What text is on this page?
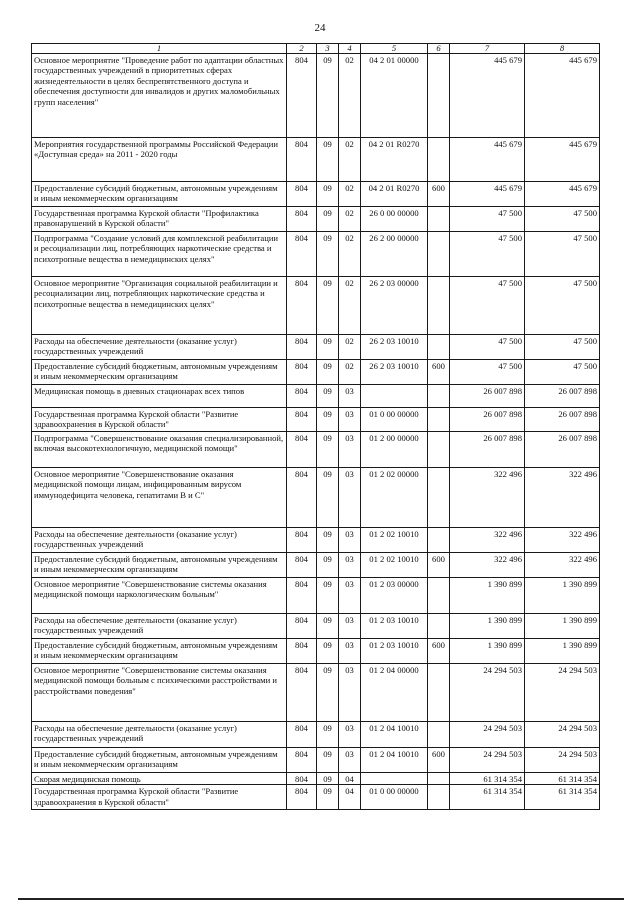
24
1	2	3	4	5	6	7	8
Основное мероприятие "Проведение работ по адаптации областных государственных учреждений в приоритетных сферах жизнедеятельности в целях беспрепятственного доступа и обеспечения доступности для инвалидов и других маломобильных групп населения"	804	09	02	04 2 01 00000		445 679	445 679
Мероприятия государственной программы Российской Федерации «Доступная среда» на 2011 - 2020 годы	804	09	02	04 2 01 R0270		445 679	445 679
Предоставление субсидий бюджетным, автономным учреждениям и иным некоммерческим организациям	804	09	02	04 2 01 R0270	600	445 679	445 679
Государственная программа Курской области "Профилактика правонарушений в Курской области"	804	09	02	26 0 00 00000		47 500	47 500
Подпрограмма "Создание условий для комплексной реабилитации и ресоциализации лиц, потребляющих наркотические средства и психотропные вещества в немедицинских целях"	804	09	02	26 2 00 00000		47 500	47 500
Основное мероприятие "Организация социальной реабилитации и ресоциализации лиц, потребляющих наркотические средства и психотропные вещества в немедицинских целях"	804	09	02	26 2 03 00000		47 500	47 500
Расходы на обеспечение деятельности (оказание услуг) государственных учреждений	804	09	02	26 2 03 10010		47 500	47 500
Предоставление субсидий бюджетным, автономным учреждениям и иным некоммерческим организациям	804	09	02	26 2 03 10010	600	47 500	47 500
Медицинская помощь в дневных стационарах всех типов	804	09	03			26 007 898	26 007 898
Государственная программа Курской области "Развитие здравоохранения в Курской области"	804	09	03	01 0 00 00000		26 007 898	26 007 898
Подпрограмма "Совершенствование оказания специализированной, включая высокотехнологичную, медицинской помощи"	804	09	03	01 2 00 00000		26 007 898	26 007 898
Основное мероприятие "Совершенствование оказания медицинской помощи лицам, инфицированным вирусом иммунодефицита человека, гепатитами В и С"	804	09	03	01 2 02 00000		322 496	322 496
Расходы на обеспечение деятельности (оказание услуг) государственных учреждений	804	09	03	01 2 02 10010		322 496	322 496
Предоставление субсидий бюджетным, автономным учреждениям и иным некоммерческим организациям	804	09	03	01 2 02 10010	600	322 496	322 496
Основное мероприятие "Совершенствование системы оказания медицинской помощи наркологическим больным"	804	09	03	01 2 03 00000		1 390 899	1 390 899
Расходы на обеспечение деятельности (оказание услуг) государственных учреждений	804	09	03	01 2 03 10010		1 390 899	1 390 899
Предоставление субсидий бюджетным, автономным учреждениям и иным некоммерческим организациям	804	09	03	01 2 03 10010	600	1 390 899	1 390 899
Основное мероприятие "Совершенствование системы оказания медицинской помощи больным с психическими расстройствами и расстройствами поведения"	804	09	03	01 2 04 00000		24 294 503	24 294 503
Расходы на обеспечение деятельности (оказание услуг) государственных учреждений	804	09	03	01 2 04 10010		24 294 503	24 294 503
Предоставление субсидий бюджетным, автономным учреждениям и иным некоммерческим организациям	804	09	03	01 2 04 10010	600	24 294 503	24 294 503
Скорая медицинская помощь	804	09	04			61 314 354	61 314 354
Государственная программа Курской области "Развитие здравоохранения в Курской области"	804	09	04	01 0 00 00000		61 314 354	61 314 354
